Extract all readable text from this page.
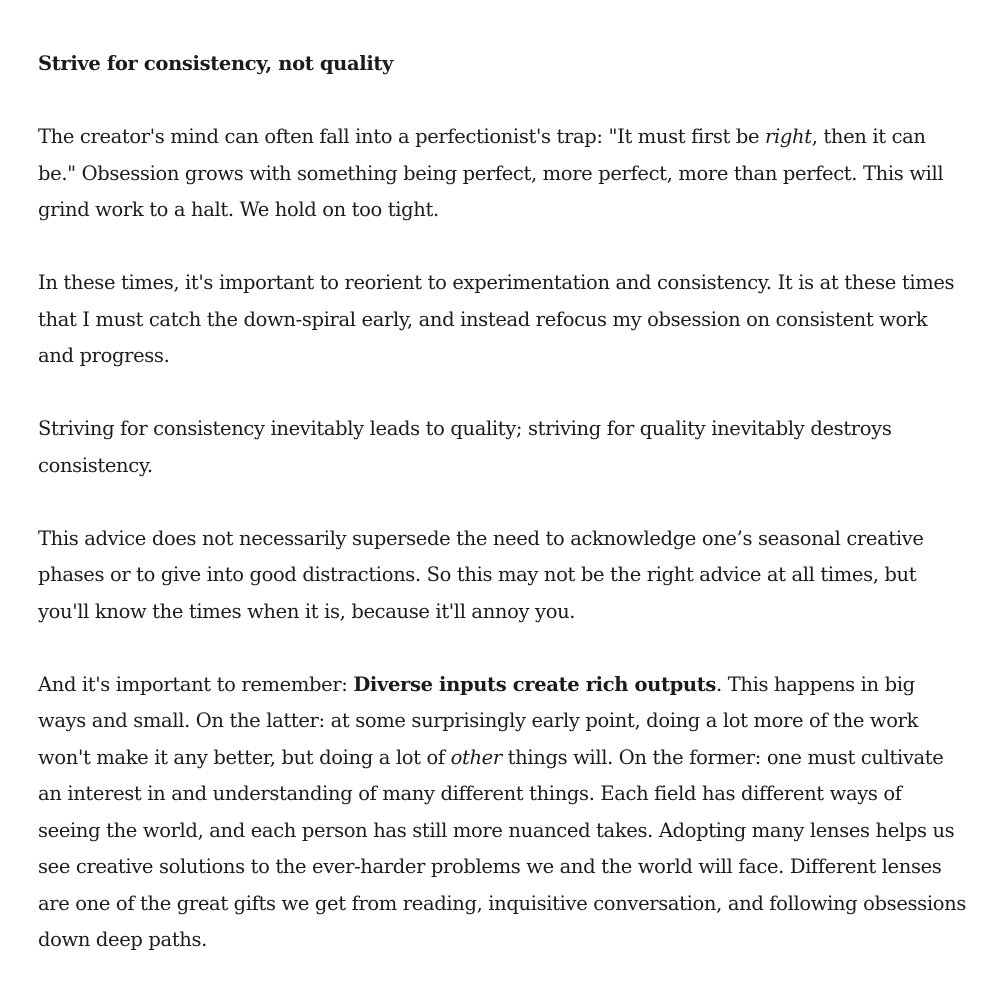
Strive for consistency, not quality

The creator's mind can often fall into a perfectionist's trap: "It must first be right, then it can be." Obsession grows with something being perfect, more perfect, more than perfect. This will grind work to a halt. We hold on too tight.

In these times, it's important to reorient to experimentation and consistency. It is at these times that I must catch the down-spiral early, and instead refocus my obsession on consistent work and progress.

Striving for consistency inevitably leads to quality; striving for quality inevitably destroys consistency.

This advice does not necessarily supersede the need to acknowledge one’s seasonal creative phases or to give into good distractions. So this may not be the right advice at all times, but you'll know the times when it is, because it'll annoy you.

And it's important to remember: Diverse inputs create rich outputs. This happens in big ways and small. On the latter: at some surprisingly early point, doing a lot more of the work won't make it any better, but doing a lot of other things will. On the former: one must cultivate an interest in and understanding of many different things. Each field has different ways of seeing the world, and each person has still more nuanced takes. Adopting many lenses helps us see creative solutions to the ever-harder problems we and the world will face. Different lenses are one of the great gifts we get from reading, inquisitive conversation, and following obsessions down deep paths.
